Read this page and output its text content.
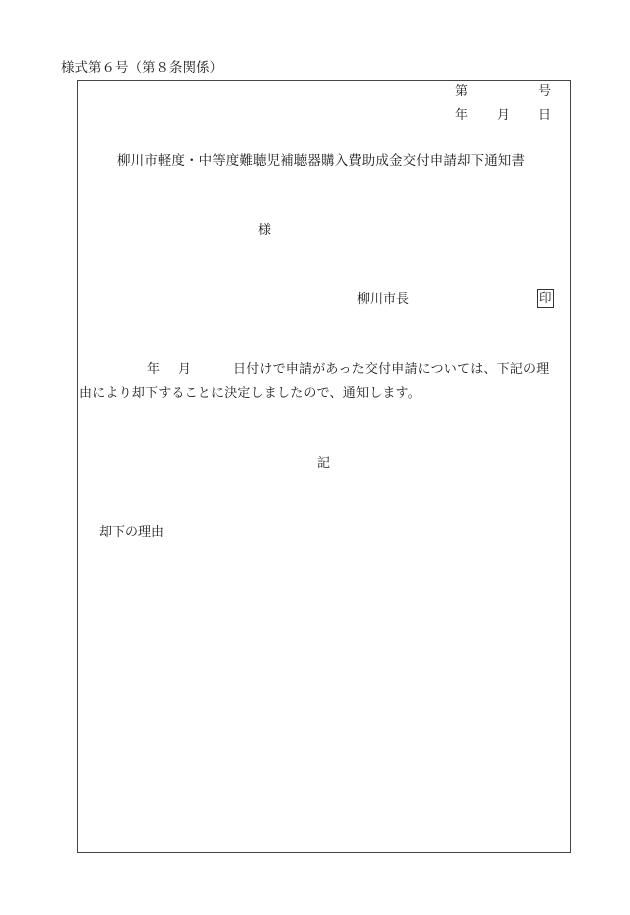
様式第６号（第８条関係）
第	号
年 月 日
柳川市軽度・中等度難聴児補聴器購入費助成金交付申請却下通知書
様
柳川市長	印
年 月	日付けで申請があった交付申請については、下記の理
由により却下することに決定しましたので、通知します。
記
却下の理由
